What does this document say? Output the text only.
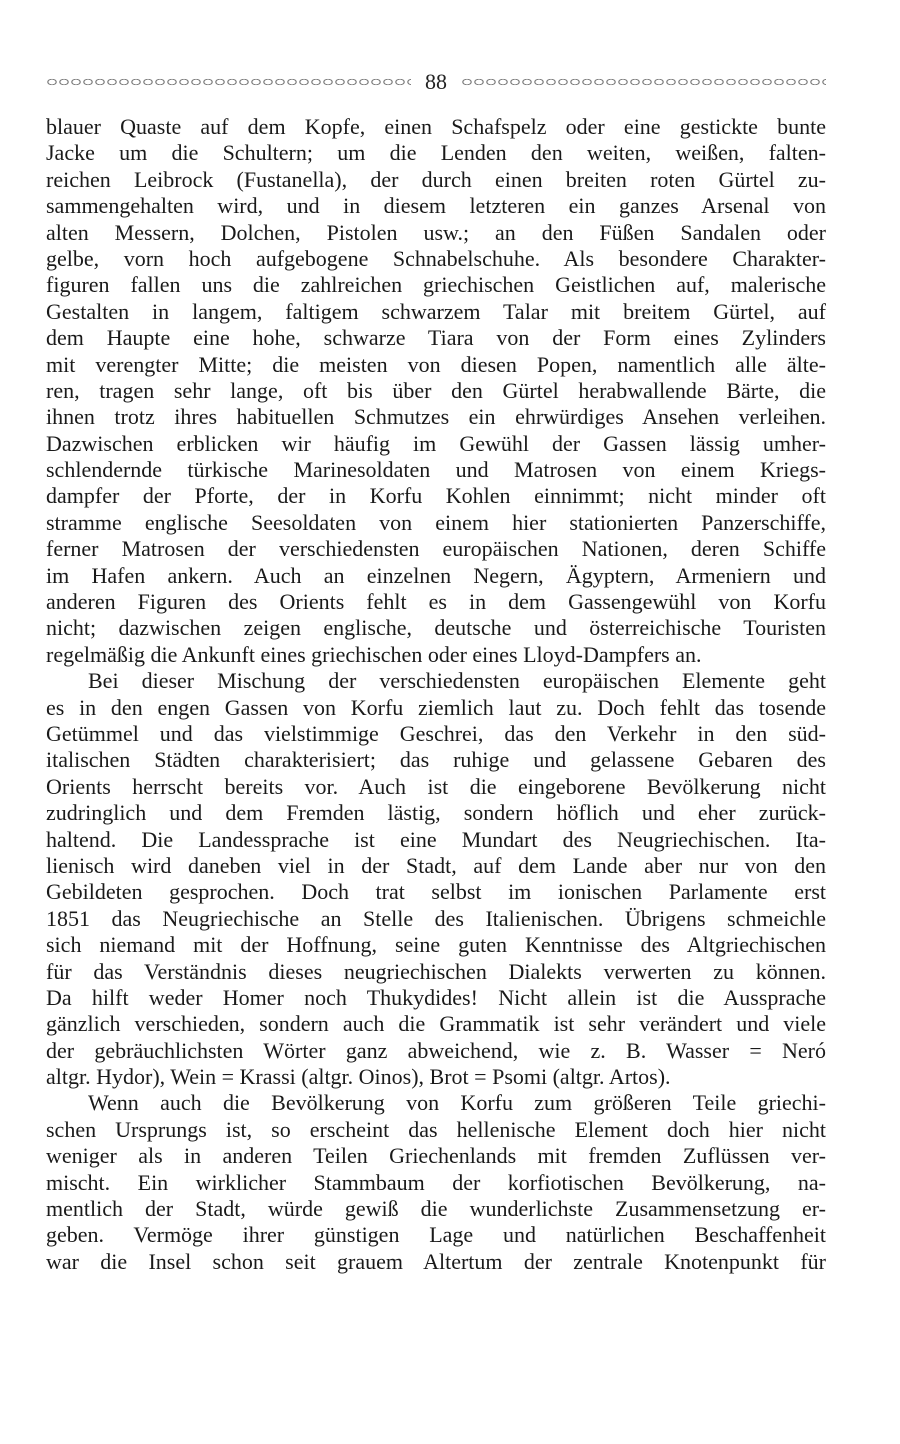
88
blauer Quaste auf dem Kopfe, einen Schafspelz oder eine gestickte bunte
Jacke um die Schultern; um die Lenden den weiten, weißen, falten-
reichen Leibrock (Fustanella), der durch einen breiten roten Gürtel zu-
sammengehalten wird, und in diesem letzteren ein ganzes Arsenal von
alten Messern, Dolchen, Pistolen usw.; an den Füßen Sandalen oder
gelbe, vorn hoch aufgebogene Schnabelschuhe. Als besondere Charakter-
figuren fallen uns die zahlreichen griechischen Geistlichen auf, malerische
Gestalten in langem, faltigem schwarzem Talar mit breitem Gürtel, auf
dem Haupte eine hohe, schwarze Tiara von der Form eines Zylinders
mit verengter Mitte; die meisten von diesen Popen, namentlich alle älte-
ren, tragen sehr lange, oft bis über den Gürtel herabwallende Bärte, die
ihnen trotz ihres habituellen Schmutzes ein ehrwürdiges Ansehen verleihen.
Dazwischen erblicken wir häufig im Gewühl der Gassen lässig umher-
schlendernde türkische Marinesoldaten und Matrosen von einem Kriegs-
dampfer der Pforte, der in Korfu Kohlen einnimmt; nicht minder oft
stramme englische Seesoldaten von einem hier stationierten Panzerschiffe,
ferner Matrosen der verschiedensten europäischen Nationen, deren Schiffe
im Hafen ankern. Auch an einzelnen Negern, Ägyptern, Armeniern und
anderen Figuren des Orients fehlt es in dem Gassengewühl von Korfu
nicht; dazwischen zeigen englische, deutsche und österreichische Touristen
regelmäßig die Ankunft eines griechischen oder eines Lloyd-Dampfers an.
Bei dieser Mischung der verschiedensten europäischen Elemente geht
es in den engen Gassen von Korfu ziemlich laut zu. Doch fehlt das tosende
Getümmel und das vielstimmige Geschrei, das den Verkehr in den süd-
italischen Städten charakterisiert; das ruhige und gelassene Gebaren des
Orients herrscht bereits vor. Auch ist die eingeborene Bevölkerung nicht
zudringlich und dem Fremden lästig, sondern höflich und eher zurück-
haltend. Die Landessprache ist eine Mundart des Neugriechischen. Ita-
lienisch wird daneben viel in der Stadt, auf dem Lande aber nur von den
Gebildeten gesprochen. Doch trat selbst im ionischen Parlamente erst
1851 das Neugriechische an Stelle des Italienischen. Übrigens schmeichle
sich niemand mit der Hoffnung, seine guten Kenntnisse des Altgriechischen
für das Verständnis dieses neugriechischen Dialekts verwerten zu können.
Da hilft weder Homer noch Thukydides! Nicht allein ist die Aussprache
gänzlich verschieden, sondern auch die Grammatik ist sehr verändert und viele
der gebräuchlichsten Wörter ganz abweichend, wie z. B. Wasser = Neró
altgr. Hydor), Wein = Krassi (altgr. Oinos), Brot = Psomi (altgr. Artos).
Wenn auch die Bevölkerung von Korfu zum größeren Teile griechi-
schen Ursprungs ist, so erscheint das hellenische Element doch hier nicht
weniger als in anderen Teilen Griechenlands mit fremden Zuflüssen ver-
mischt. Ein wirklicher Stammbaum der korfiotischen Bevölkerung, na-
mentlich der Stadt, würde gewiß die wunderlichste Zusammensetzung er-
geben. Vermöge ihrer günstigen Lage und natürlichen Beschaffenheit
war die Insel schon seit grauem Altertum der zentrale Knotenpunkt für
